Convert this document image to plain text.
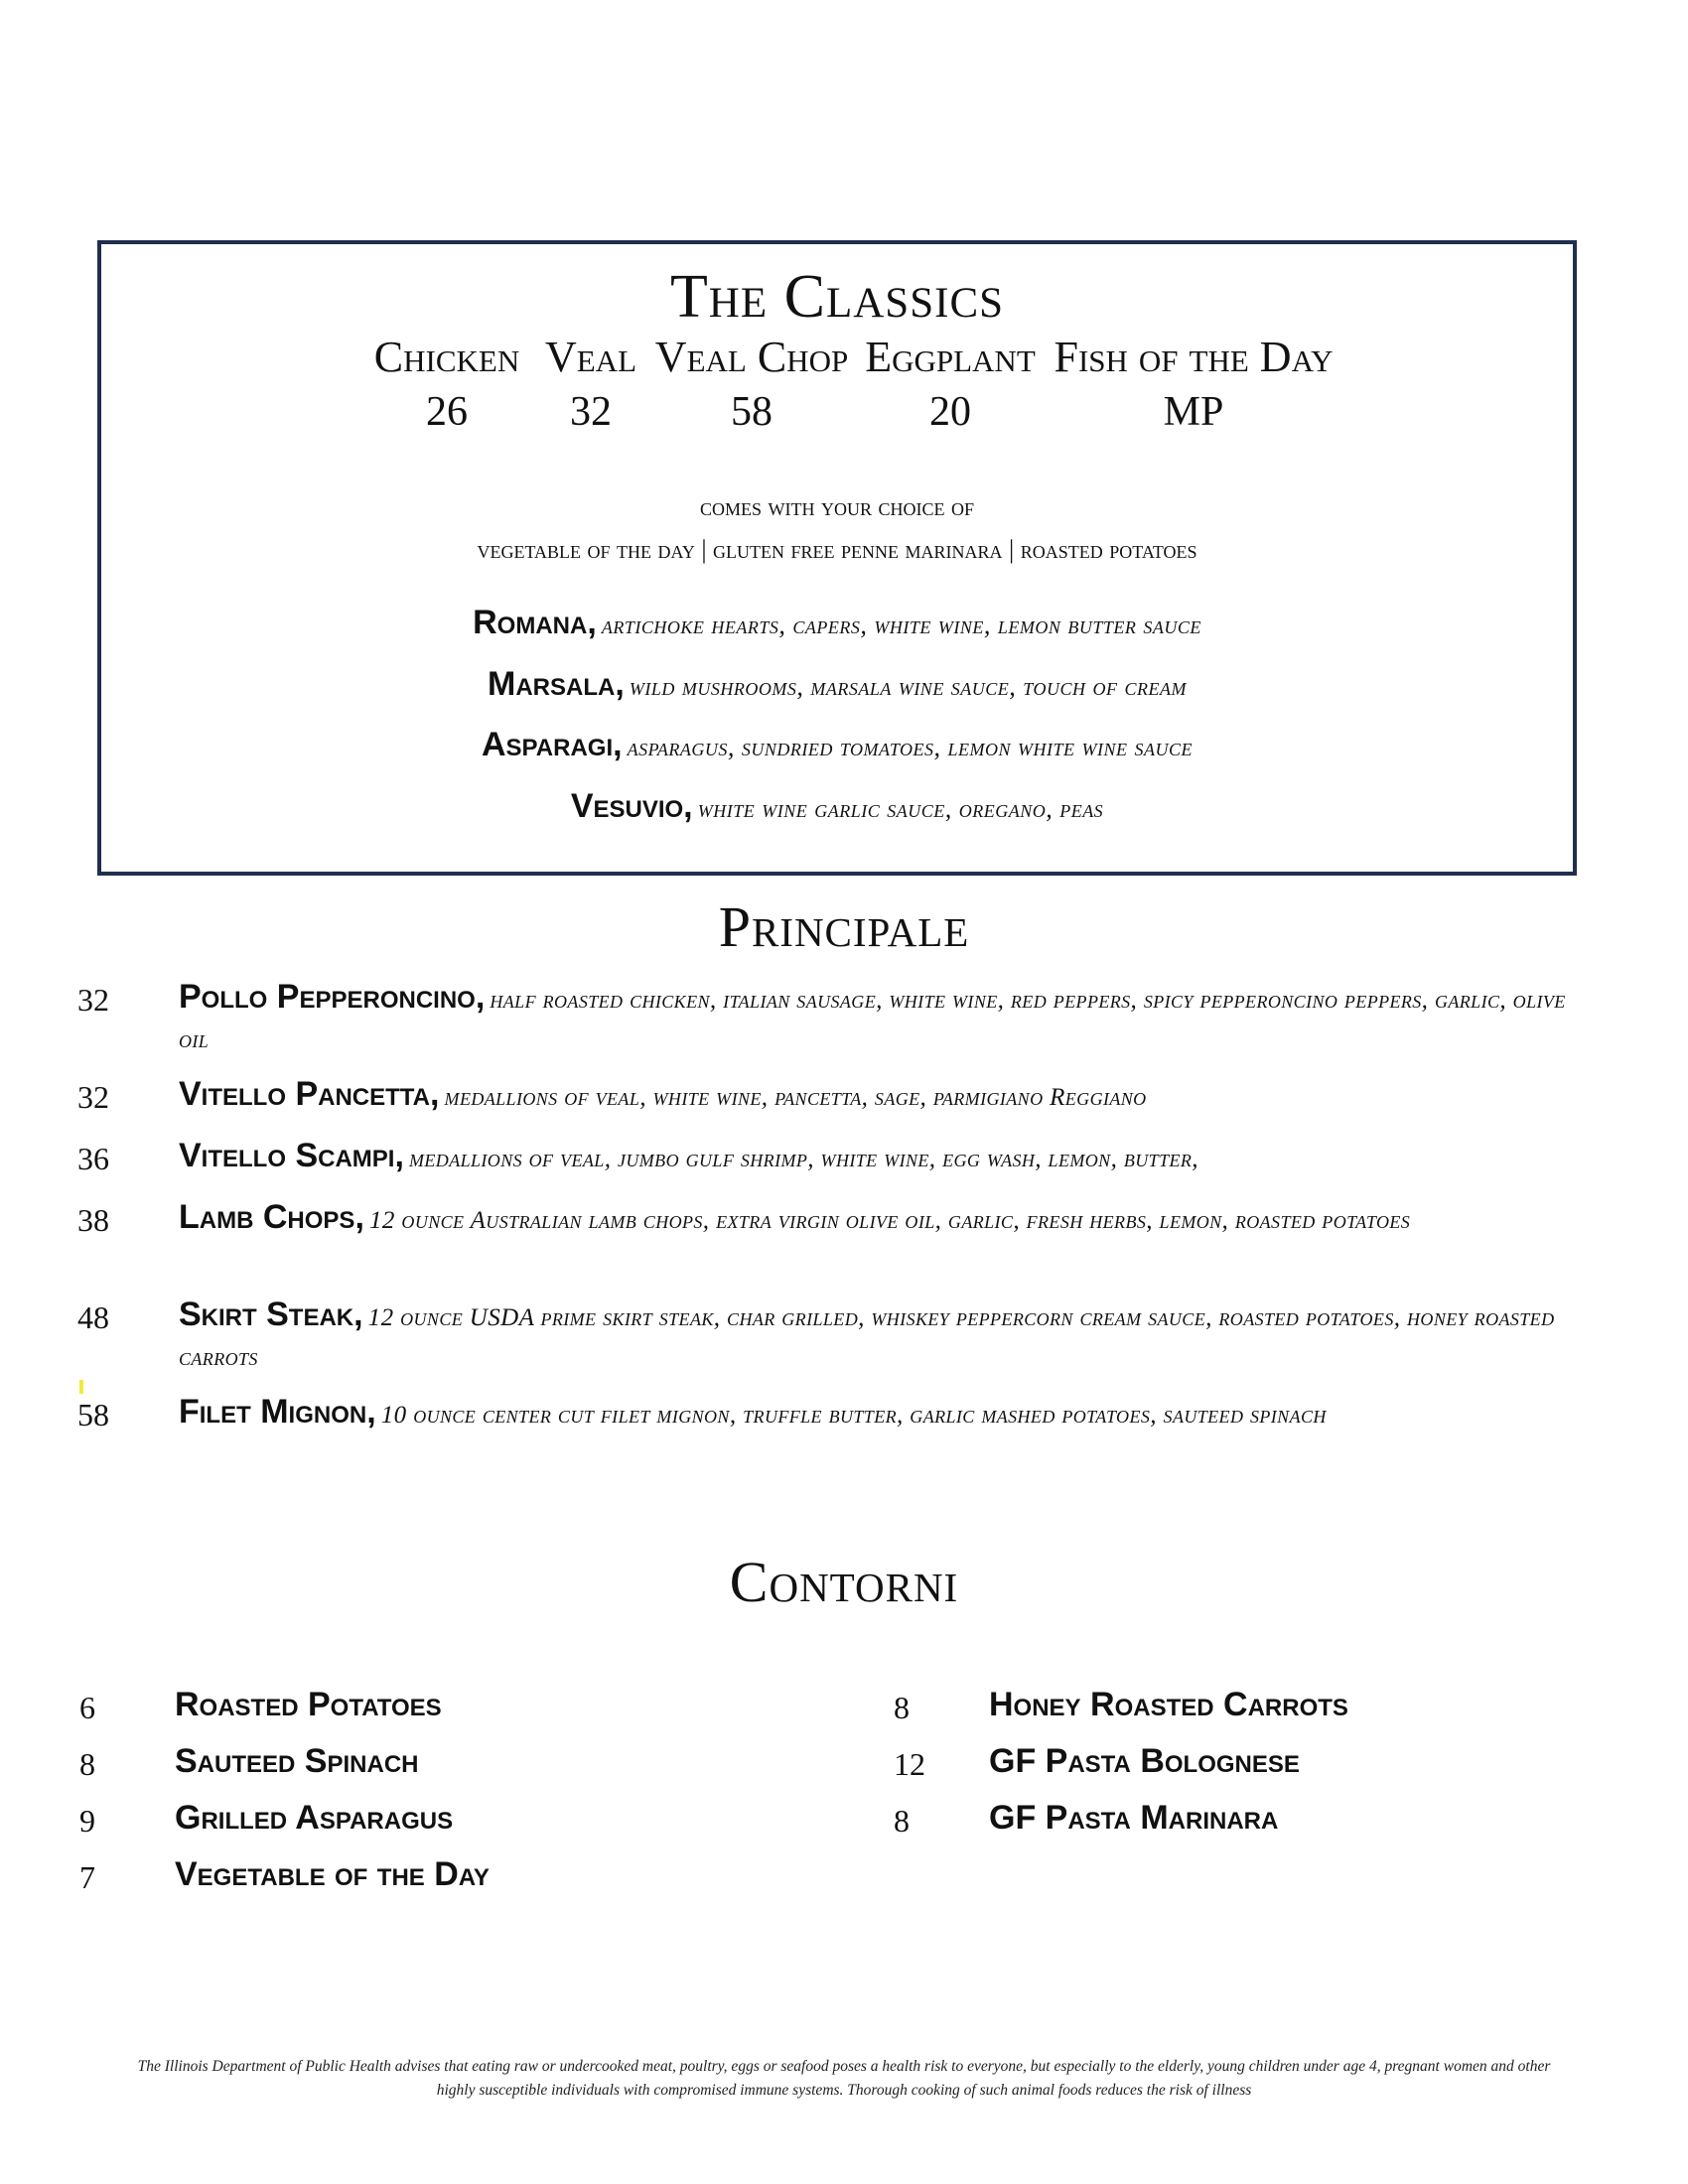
The Classics
Chicken
26
Veal
32
Veal Chop
58
Eggplant
20
Fish of the Day
MP
comes with your choice of
vegetable of the day | gluten free penne marinara | roasted potatoes
Romana, artichoke hearts, capers, white wine, lemon butter sauce
Marsala, wild mushrooms, marsala wine sauce, touch of cream
Asparagi, asparagus, sundried tomatoes, lemon white wine sauce
Vesuvio, white wine garlic sauce, oregano, peas
Principale
32 Pollo Pepperoncino, half roasted chicken, italian sausage, white wine, red peppers, spicy pepperoncino peppers, garlic, olive oil
32 Vitello Pancetta, medallions of veal, white wine, pancetta, sage, parmigiano Reggiano
36 Vitello Scampi, medallions of veal, jumbo gulf shrimp, white wine, egg wash, lemon, butter,
38 Lamb Chops, 12 ounce Australian lamb chops, extra virgin olive oil, garlic, fresh herbs, lemon, roasted potatoes
48 Skirt Steak, 12 ounce USDA prime skirt steak, char grilled, whiskey peppercorn cream sauce, roasted potatoes, honey roasted carrots
58 Filet Mignon, 10 ounce center cut filet mignon, truffle butter, garlic mashed potatoes, sauteed spinach
Contorni
6 Roasted Potatoes
8 Sauteed Spinach
9 Grilled Asparagus
7 Vegetable of the Day
8 Honey Roasted Carrots
12 GF Pasta Bolognese
8 GF Pasta Marinara
The Illinois Department of Public Health advises that eating raw or undercooked meat, poultry, eggs or seafood poses a health risk to everyone, but especially to the elderly, young children under age 4, pregnant women and other
highly susceptible individuals with compromised immune systems. Thorough cooking of such animal foods reduces the risk of illness
